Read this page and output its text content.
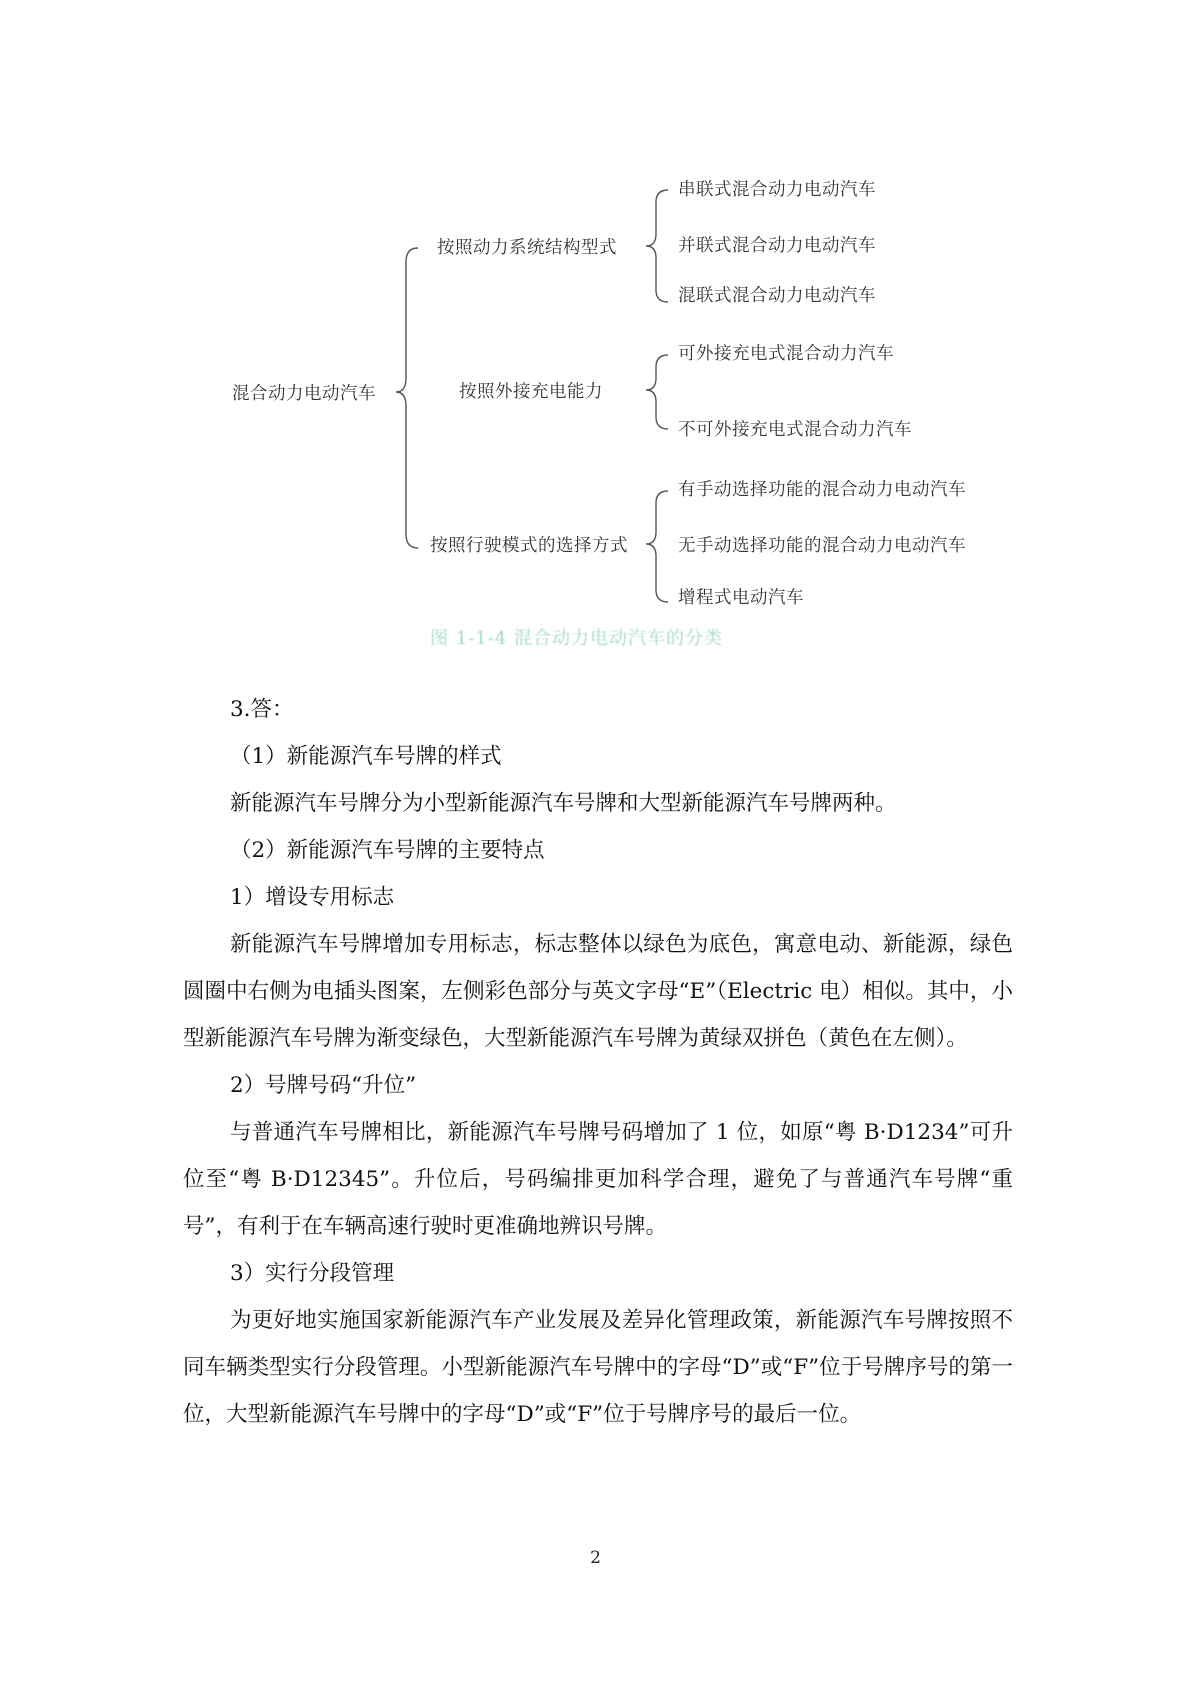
混合动力电动汽车
按照动力系统结构型式
按照外接充电能力
按照行驶模式的选择方式
串联式混合动力电动汽车
并联式混合动力电动汽车
混联式混合动力电动汽车
可外接充电式混合动力汽车
不可外接充电式混合动力汽车
有手动选择功能的混合动力电动汽车
无手动选择功能的混合动力电动汽车
增程式电动汽车
图 1-1-4 混合动力电动汽车的分类

3.答：

（1）新能源汽车号牌的样式

新能源汽车号牌分为小型新能源汽车号牌和大型新能源汽车号牌两种。

（2）新能源汽车号牌的主要特点

1）增设专用标志

新能源汽车号牌增加专用标志，标志整体以绿色为底色，寓意电动、新能源，绿色圆圈中右侧为电插头图案，左侧彩色部分与英文字母“E”（Electric 电）相似。其中，小型新能源汽车号牌为渐变绿色，大型新能源汽车号牌为黄绿双拼色（黄色在左侧）。

2）号牌号码“升位”

与普通汽车号牌相比，新能源汽车号牌号码增加了 1 位，如原“粤 B·D1234”可升位至“粤 B·D12345”。升位后，号码编排更加科学合理，避免了与普通汽车号牌“重号”，有利于在车辆高速行驶时更准确地辨识号牌。

3）实行分段管理

为更好地实施国家新能源汽车产业发展及差异化管理政策，新能源汽车号牌按照不同车辆类型实行分段管理。小型新能源汽车号牌中的字母“D”或“F”位于号牌序号的第一位，大型新能源汽车号牌中的字母“D”或“F”位于号牌序号的最后一位。

2
